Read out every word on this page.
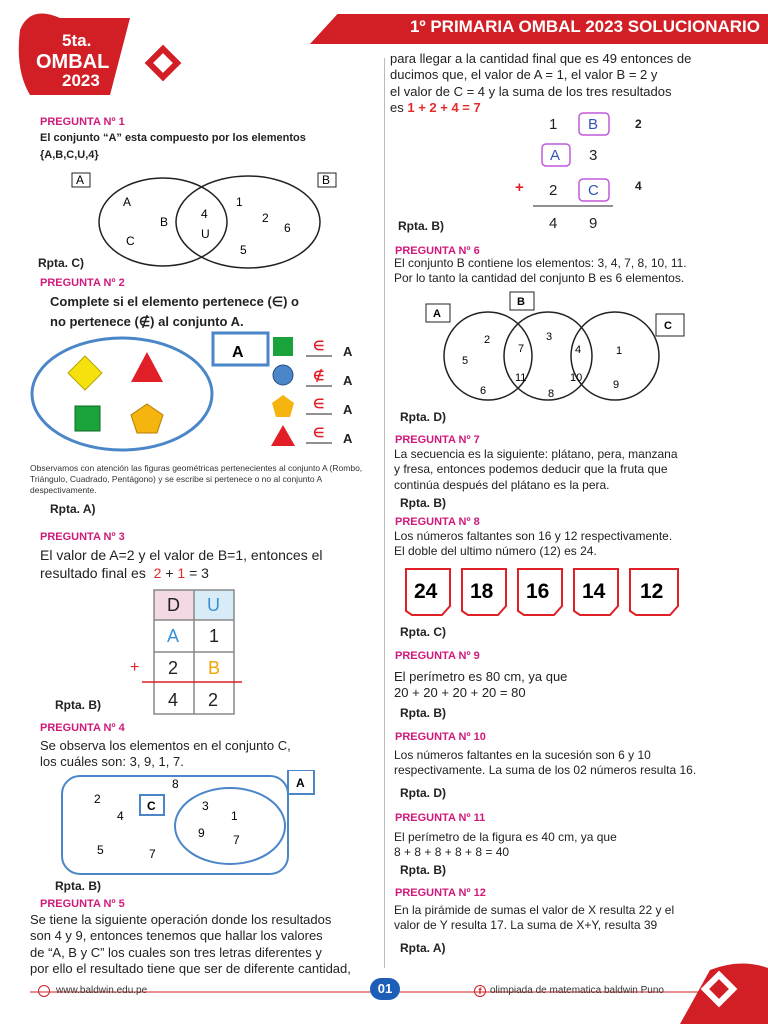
1º PRIMARIA OMBAL 2023 SOLUCIONARIO
5ta.
OMBAL
2023
PREGUNTA Nº 1
El conjunto “A” esta compuesto por los elementos
{A,B,C,U,4}
A	B
A
B
C
4
U
1
2
6
5
Rpta. C)
PREGUNTA Nº 2
Complete si el elemento pertenece (∈) o
no pertenece (∉) al conjunto A.
A	∈ A
∉ A
∈ A
∈ A
Observamos con atención las figuras geométricas pertenecientes al conjunto A (Rombo, Triángulo, Cuadrado, Pentágono) y se escribe si pertenece o no al conjunto A despectivamente.
Rpta. A)
PREGUNTA Nº 3
El valor de A=2 y el valor de B=1, entonces el
resultado final es 2 + 1 = 3
D U
A 1
+ 2 B
4 2
Rpta. B)
PREGUNTA Nº 4
Se observa los elementos en el conjunto C,
los cuáles son: 3, 9, 1, 7.
C
A
8
2
4
5	7
3
1
9 7
Rpta. B)
PREGUNTA Nº 5
Se tiene la siguiente operación donde los resultados
son 4 y 9, entonces tenemos que hallar los valores
de “A, B y C” los cuales son tres letras diferentes y
por ello el resultado tiene que ser de diferente cantidad,
para llegar a la cantidad final que es 49 entonces de
ducimos que, el valor de A = 1, el valor B = 2 y
el valor de C = 4 y la suma de los tres resultados
es 1 + 2 + 4 = 7
1 B	2
A 3
+ 2 C	4
4 9
Rpta. B)
PREGUNTA Nº 6
El conjunto B contiene los elementos: 3, 4, 7, 8, 10, 11.
Por lo tanto la cantidad del conjunto B es 6 elementos.
A
B
C
2
5
6
7
11
3
8
4
10
1
9
Rpta. D)
PREGUNTA Nº 7
La secuencia es la siguiente: plátano, pera, manzana
y fresa, entonces podemos deducir que la fruta que
continúa después del plátano es la pera.
Rpta. B)
PREGUNTA Nº 8
Los números faltantes son 16 y 12 respectivamente.
El doble del ultimo número (12) es 24.
24 18 16 14 12
Rpta. C)
PREGUNTA Nº 9
El perímetro es 80 cm, ya que
20 + 20 + 20 + 20 = 80
Rpta. B)
PREGUNTA Nº 10
Los números faltantes en la sucesión son 6 y 10
respectivamente. La suma de los 02 números resulta 16.
Rpta. D)
PREGUNTA Nº 11
El perímetro de la figura es 40 cm, ya que
8 + 8 + 8 + 8 + 8 = 40
Rpta. B)
PREGUNTA Nº 12
En la pirámide de sumas el valor de X resulta 22 y el
valor de Y resulta 17. La suma de X+Y, resulta 39
Rpta. A)
www.baldwin.edu.pe	01	f olimpiada de matematica baldwin Puno
